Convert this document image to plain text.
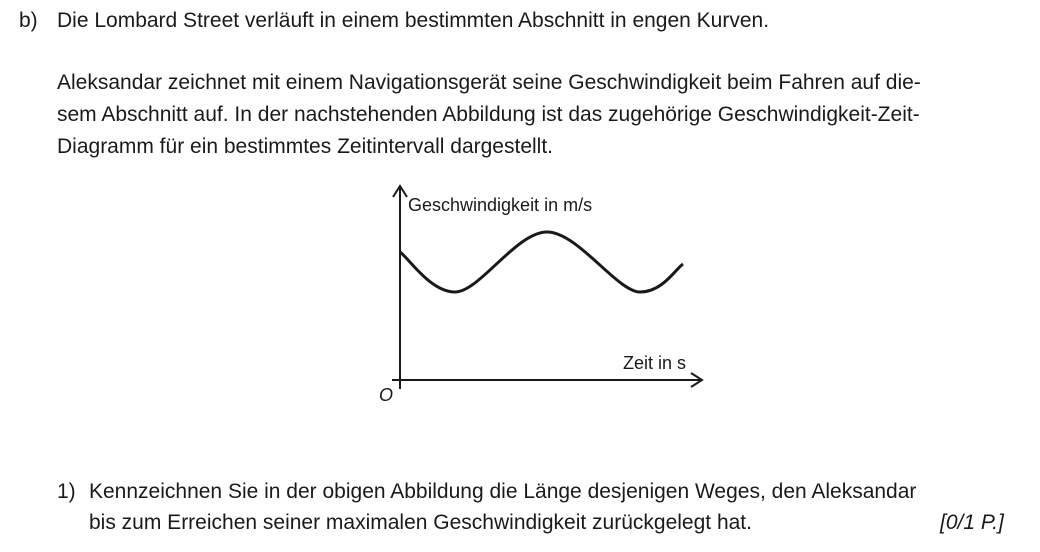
b) Die Lombard Street verläuft in einem bestimmten Abschnitt in engen Kurven.
Aleksandar zeichnet mit einem Navigationsgerät seine Geschwindigkeit beim Fahren auf die-
sem Abschnitt auf. In der nachstehenden Abbildung ist das zugehörige Geschwindigkeit-Zeit-
Diagramm für ein bestimmtes Zeitintervall dargestellt.
Geschwindigkeit in m/s
Zeit in s
O
1) Kennzeichnen Sie in der obigen Abbildung die Länge desjenigen Weges, den Aleksandar
bis zum Erreichen seiner maximalen Geschwindigkeit zurückgelegt hat.	[0/1 P.]
